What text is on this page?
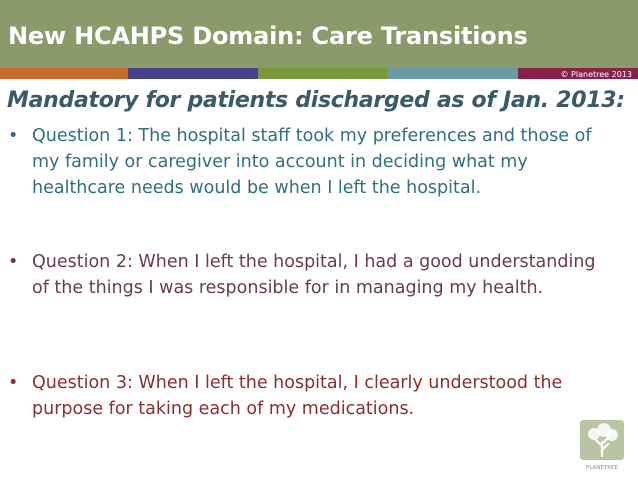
New HCAHPS Domain: Care Transitions
© Planetree 2013
Mandatory for patients discharged as of Jan. 2013:
• Question 1: The hospital staff took my preferences and those of my family or caregiver into account in deciding what my healthcare needs would be when I left the hospital.
• Question 2: When I left the hospital, I had a good understanding of the things I was responsible for in managing my health.
• Question 3: When I left the hospital, I clearly understood the purpose for taking each of my medications.
PLANETREE
